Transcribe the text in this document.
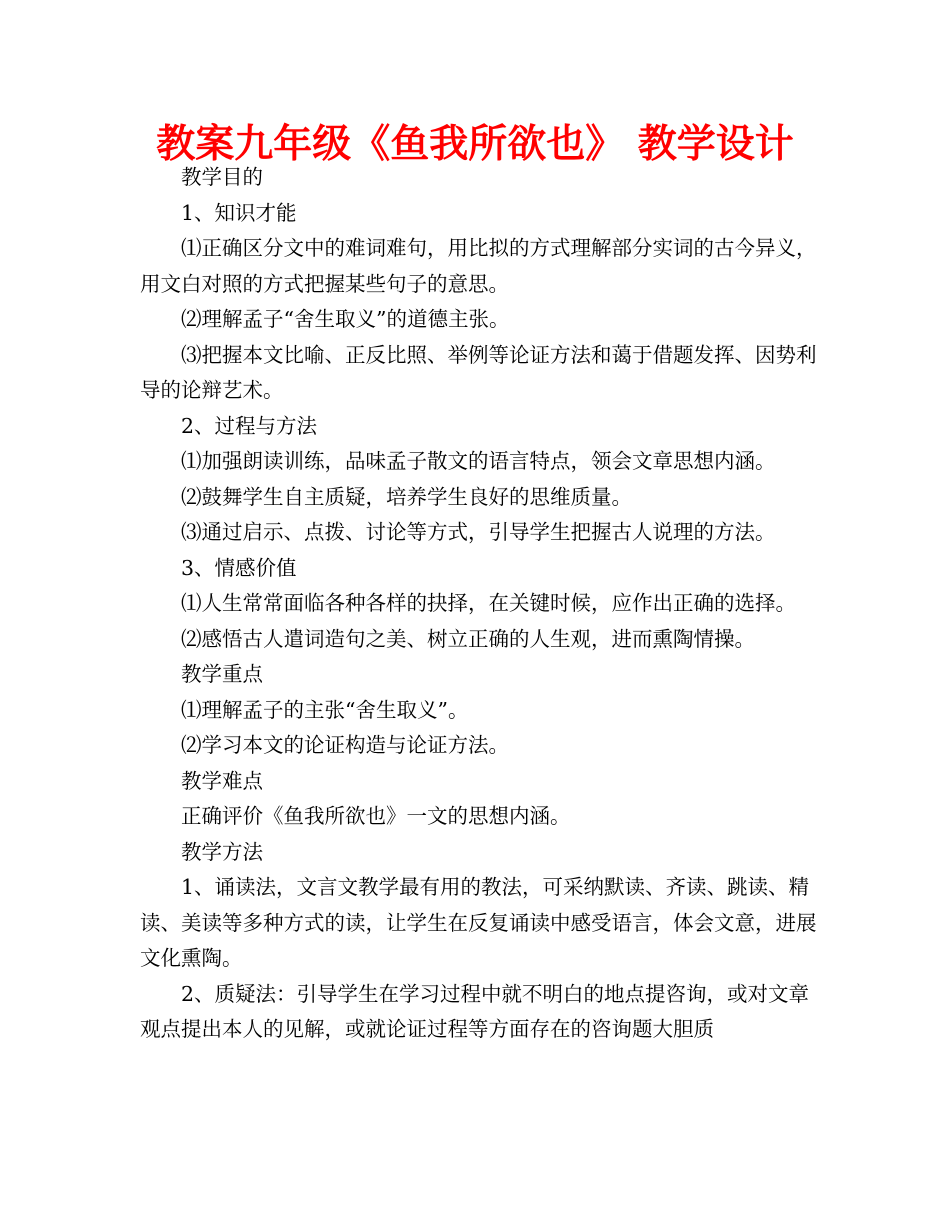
教案九年级《鱼我所欲也》 教学设计

教学目的

1、知识才能

⑴正确区分文中的难词难句，用比拟的方式理解部分实词的古今异义，用文白对照的方式把握某些句子的意思。

⑵理解孟子“舍生取义”的道德主张。

⑶把握本文比喻、正反比照、举例等论证方法和蔼于借题发挥、因势利导的论辩艺术。

2、过程与方法

⑴加强朗读训练，品味孟子散文的语言特点，领会文章思想内涵。

⑵鼓舞学生自主质疑，培养学生良好的思维质量。

⑶通过启示、点拨、讨论等方式，引导学生把握古人说理的方法。

3、情感价值

⑴人生常常面临各种各样的抉择，在关键时候，应作出正确的选择。

⑵感悟古人遣词造句之美、树立正确的人生观，进而熏陶情操。

教学重点

⑴理解孟子的主张“舍生取义”。

⑵学习本文的论证构造与论证方法。

教学难点

正确评价《鱼我所欲也》一文的思想内涵。

教学方法

1、诵读法，文言文教学最有用的教法，可采纳默读、齐读、跳读、精读、美读等多种方式的读，让学生在反复诵读中感受语言，体会文意，进展文化熏陶。

2、质疑法：引导学生在学习过程中就不明白的地点提咨询，或对文章观点提出本人的见解，或就论证过程等方面存在的咨询题大胆质
